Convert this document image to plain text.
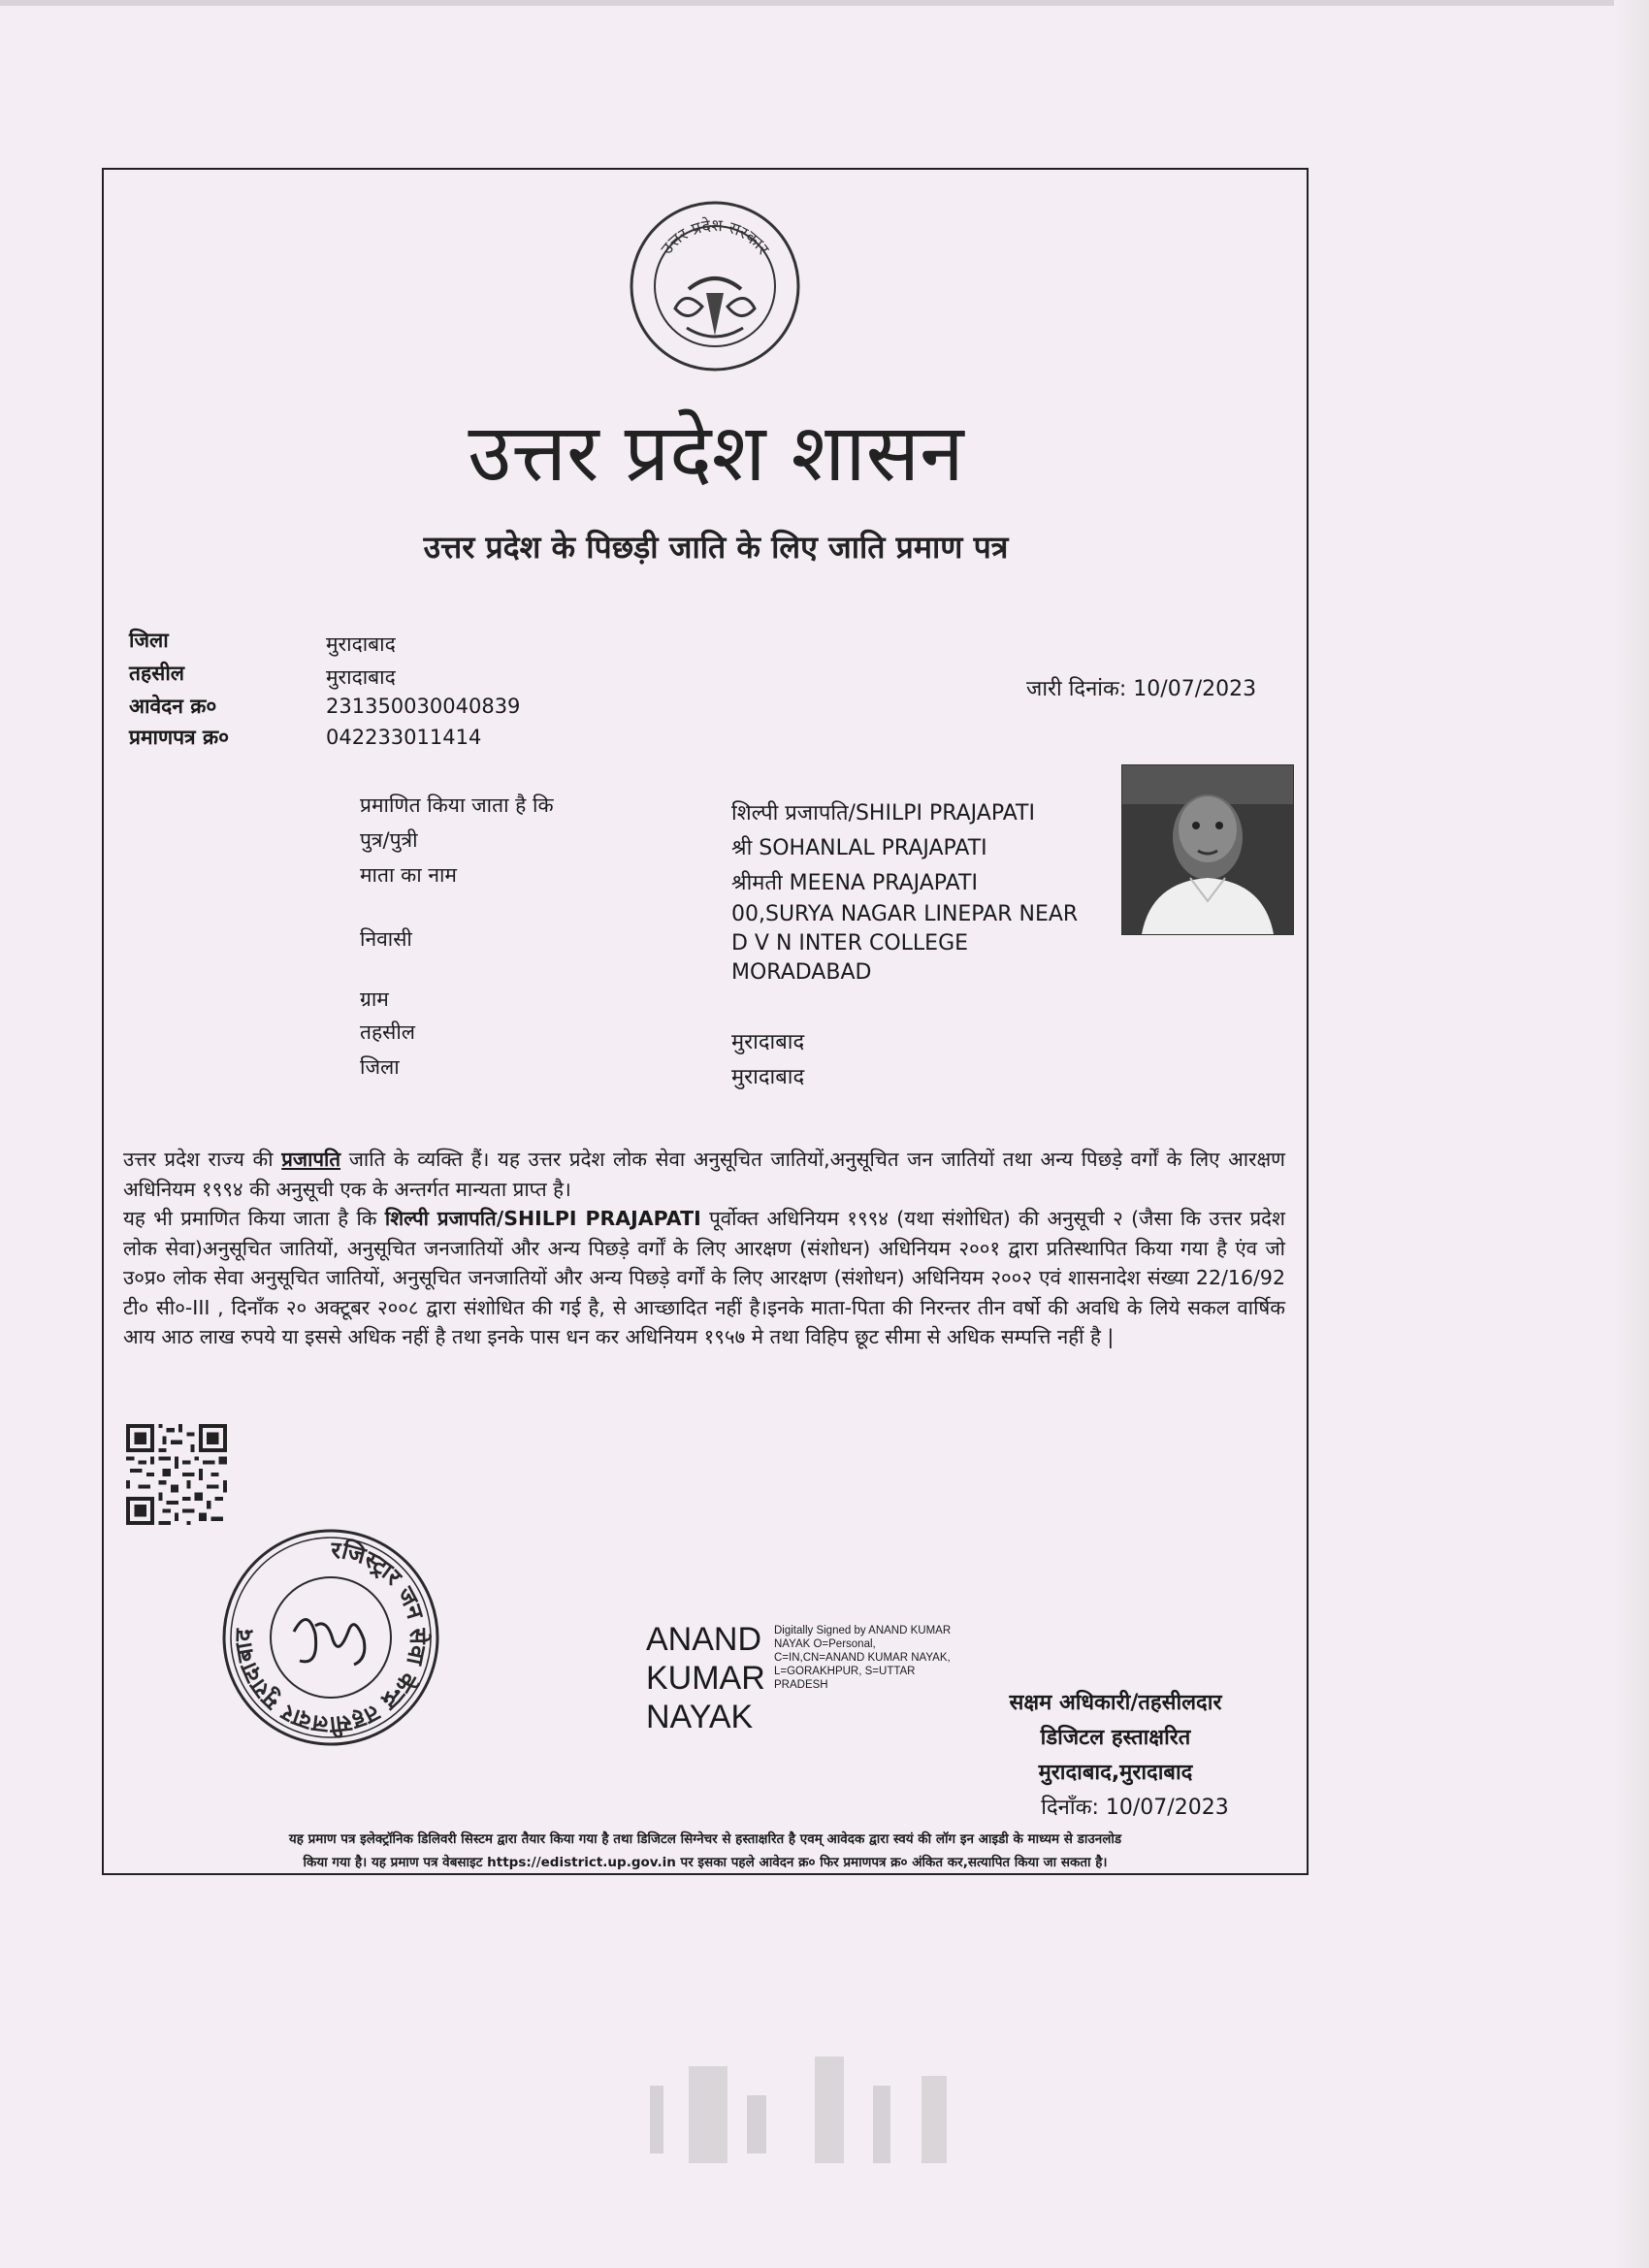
उत्तर प्रदेश सरकार
उत्तर प्रदेश शासन
उत्तर प्रदेश के पिछड़ी जाति के लिए जाति प्रमाण पत्र
जिला	मुरादाबाद
तहसील	मुरादाबाद
आवेदन क्र०	231350030040839
प्रमाणपत्र क्र०	042233011414
जारी दिनांक: 10/07/2023
प्रमाणित किया जाता है कि	शिल्पी प्रजापति/SHILPI PRAJAPATI
पुत्र/पुत्री	श्री SOHANLAL PRAJAPATI
माता का नाम	श्रीमती MEENA PRAJAPATI
निवासी
00,SURYA NAGAR LINEPAR NEAR
D V N INTER COLLEGE
MORADABAD
ग्राम
तहसील	मुरादाबाद
जिला	मुरादाबाद

उत्तर प्रदेश राज्य की प्रजापति जाति के व्यक्ति हैं। यह उत्तर प्रदेश लोक सेवा अनुसूचित जातियों,अनुसूचित जन जातियों तथा अन्य पिछड़े वर्गों के लिए आरक्षण अधिनियम १९९४ की अनुसूची एक के अन्तर्गत मान्यता प्राप्त है।

यह भी प्रमाणित किया जाता है कि शिल्पी प्रजापति/SHILPI PRAJAPATI पूर्वोक्त अधिनियम १९९४ (यथा संशोधित) की अनुसूची २ (जैसा कि उत्तर प्रदेश लोक सेवा)अनुसूचित जातियों, अनुसूचित जनजातियों और अन्य पिछड़े वर्गों के लिए आरक्षण (संशोधन) अधिनियम २००१ द्वारा प्रतिस्थापित किया गया है एंव जो उ०प्र० लोक सेवा अनुसूचित जातियों, अनुसूचित जनजातियों और अन्य पिछड़े वर्गों के लिए आरक्षण (संशोधन) अधिनियम २००२ एवं शासनादेश संख्या 22/16/92 टी० सी०-III , दिनाँक २० अक्टूबर २००८ द्वारा संशोधित की गई है, से आच्छादित नहीं है।इनके माता-पिता की निरन्तर तीन वर्षो की अवधि के लिये सकल वार्षिक आय आठ लाख रुपये या इससे अधिक नहीं है तथा इनके पास धन कर अधिनियम १९५७ मे तथा विहिप छूट सीमा से अधिक सम्पत्ति नहीं है |

रजिस्ट्रार जन सेवा केन्द्र तहसीलदार मुरादाबाद	ANAND
KUMAR
NAYAK
Digitally Signed by ANAND KUMAR NAYAK O=Personal, C=IN,CN=ANAND KUMAR NAYAK, L=GORAKHPUR, S=UTTAR PRADESH
सक्षम अधिकारी/तहसीलदार
डिजिटल हस्ताक्षरित
मुरादाबाद,मुरादाबाद
दिनाँक: 10/07/2023
यह प्रमाण पत्र इलेक्ट्रॉनिक डिलिवरी सिस्टम द्वारा तैयार किया गया है तथा डिजिटल सिग्नेचर से हस्ताक्षरित है एवम् आवेदक द्वारा स्वयं की लॉग इन आइडी के माध्यम से डाउनलोड
किया गया है। यह प्रमाण पत्र वेबसाइट https://edistrict.up.gov.in पर इसका पहले आवेदन क्र० फिर प्रमाणपत्र क्र० अंकित कर,सत्यापित किया जा सकता है।
